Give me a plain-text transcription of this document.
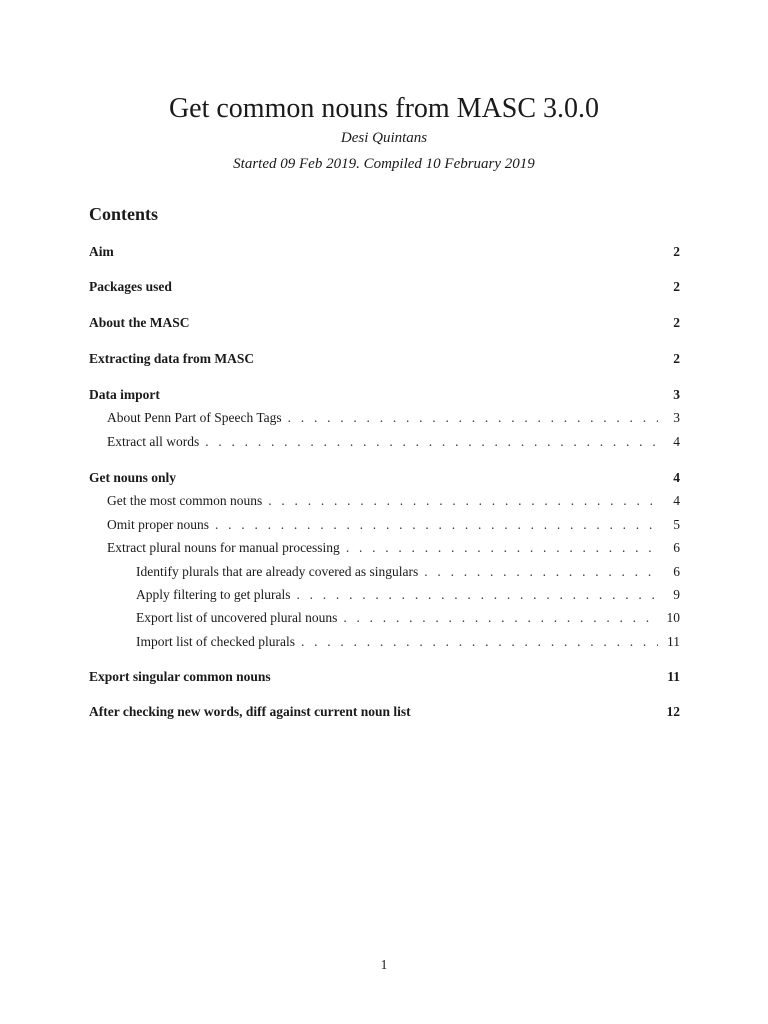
Get common nouns from MASC 3.0.0
Desi Quintans
Started 09 Feb 2019. Compiled 10 February 2019
Contents
Aim	2
Packages used	2
About the MASC	2
Extracting data from MASC	2
Data import	3
About Penn Part of Speech Tags . . .	3
Extract all words . . .	4
Get nouns only	4
Get the most common nouns . . .	4
Omit proper nouns . . .	5
Extract plural nouns for manual processing . . .	6
Identify plurals that are already covered as singulars . . .	6
Apply filtering to get plurals . . .	9
Export list of uncovered plural nouns . . .	10
Import list of checked plurals . . .	11
Export singular common nouns	11
After checking new words, diff against current noun list	12
1
